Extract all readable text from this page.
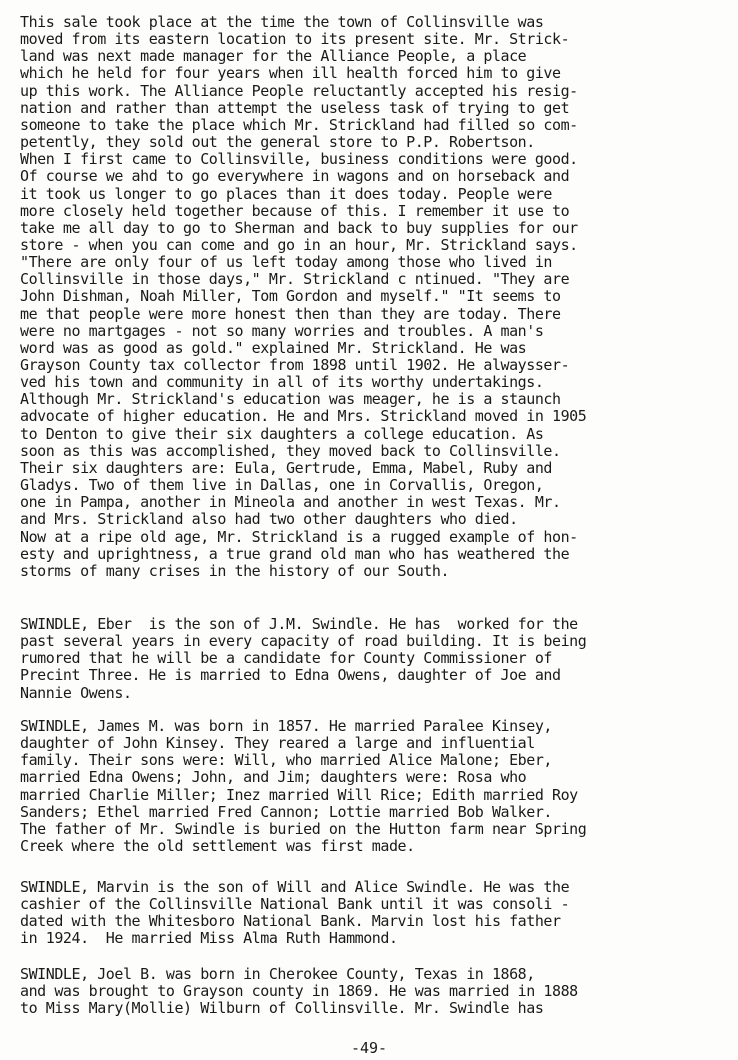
-49-
This sale took place at the time the town of Collinsville was
moved from its eastern location to its present site. Mr. Strick-
land was next made manager for the Alliance People, a place
which he held for four years when ill health forced him to give
up this work. The Alliance People reluctantly accepted his resig-
nation and rather than attempt the useless task of trying to get
someone to take the place which Mr. Strickland had filled so com-
petently, they sold out the general store to P.P. Robertson.
When I first came to Collinsville, business conditions were good.
Of course we ahd to go everywhere in wagons and on horseback and
it took us longer to go places than it does today. People were
more closely held together because of this. I remember it use to
take me all day to go to Sherman and back to buy supplies for our
store - when you can come and go in an hour, Mr. Strickland says.
"There are only four of us left today among those who lived in
Collinsville in those days," Mr. Strickland c ntinued. "They are
John Dishman, Noah Miller, Tom Gordon and myself." "It seems to
me that people were more honest then than they are today. There
were no martgages - not so many worries and troubles. A man's
word was as good as gold." explained Mr. Strickland. He was
Grayson County tax collector from 1898 until 1902. He alwaysser-
ved his town and community in all of its worthy undertakings.
Although Mr. Strickland's education was meager, he is a staunch
advocate of higher education. He and Mrs. Strickland moved in 1905
to Denton to give their six daughters a college education. As
soon as this was accomplished, they moved back to Collinsville.
Their six daughters are: Eula, Gertrude, Emma, Mabel, Ruby and
Gladys. Two of them live in Dallas, one in Corvallis, Oregon,
one in Pampa, another in Mineola and another in west Texas. Mr.
and Mrs. Strickland also had two other daughters who died.
Now at a ripe old age, Mr. Strickland is a rugged example of hon-
esty and uprightness, a true grand old man who has weathered the
storms of many crises in the history of our South.
SWINDLE, Eber  is the son of J.M. Swindle. He has  worked for the
past several years in every capacity of road building. It is being
rumored that he will be a candidate for County Commissioner of
Precint Three. He is married to Edna Owens, daughter of Joe and
Nannie Owens.
SWINDLE, James M. was born in 1857. He married Paralee Kinsey,
daughter of John Kinsey. They reared a large and influential
family. Their sons were: Will, who married Alice Malone; Eber,
married Edna Owens; John, and Jim; daughters were: Rosa who
married Charlie Miller; Inez married Will Rice; Edith married Roy
Sanders; Ethel married Fred Cannon; Lottie married Bob Walker.
The father of Mr. Swindle is buried on the Hutton farm near Spring
Creek where the old settlement was first made.
SWINDLE, Marvin is the son of Will and Alice Swindle. He was the
cashier of the Collinsville National Bank until it was consoli -
dated with the Whitesboro National Bank. Marvin lost his father
in 1924.  He married Miss Alma Ruth Hammond.
SWINDLE, Joel B. was born in Cherokee County, Texas in 1868,
and was brought to Grayson county in 1869. He was married in 1888
to Miss Mary(Mollie) Wilburn of Collinsville. Mr. Swindle has
